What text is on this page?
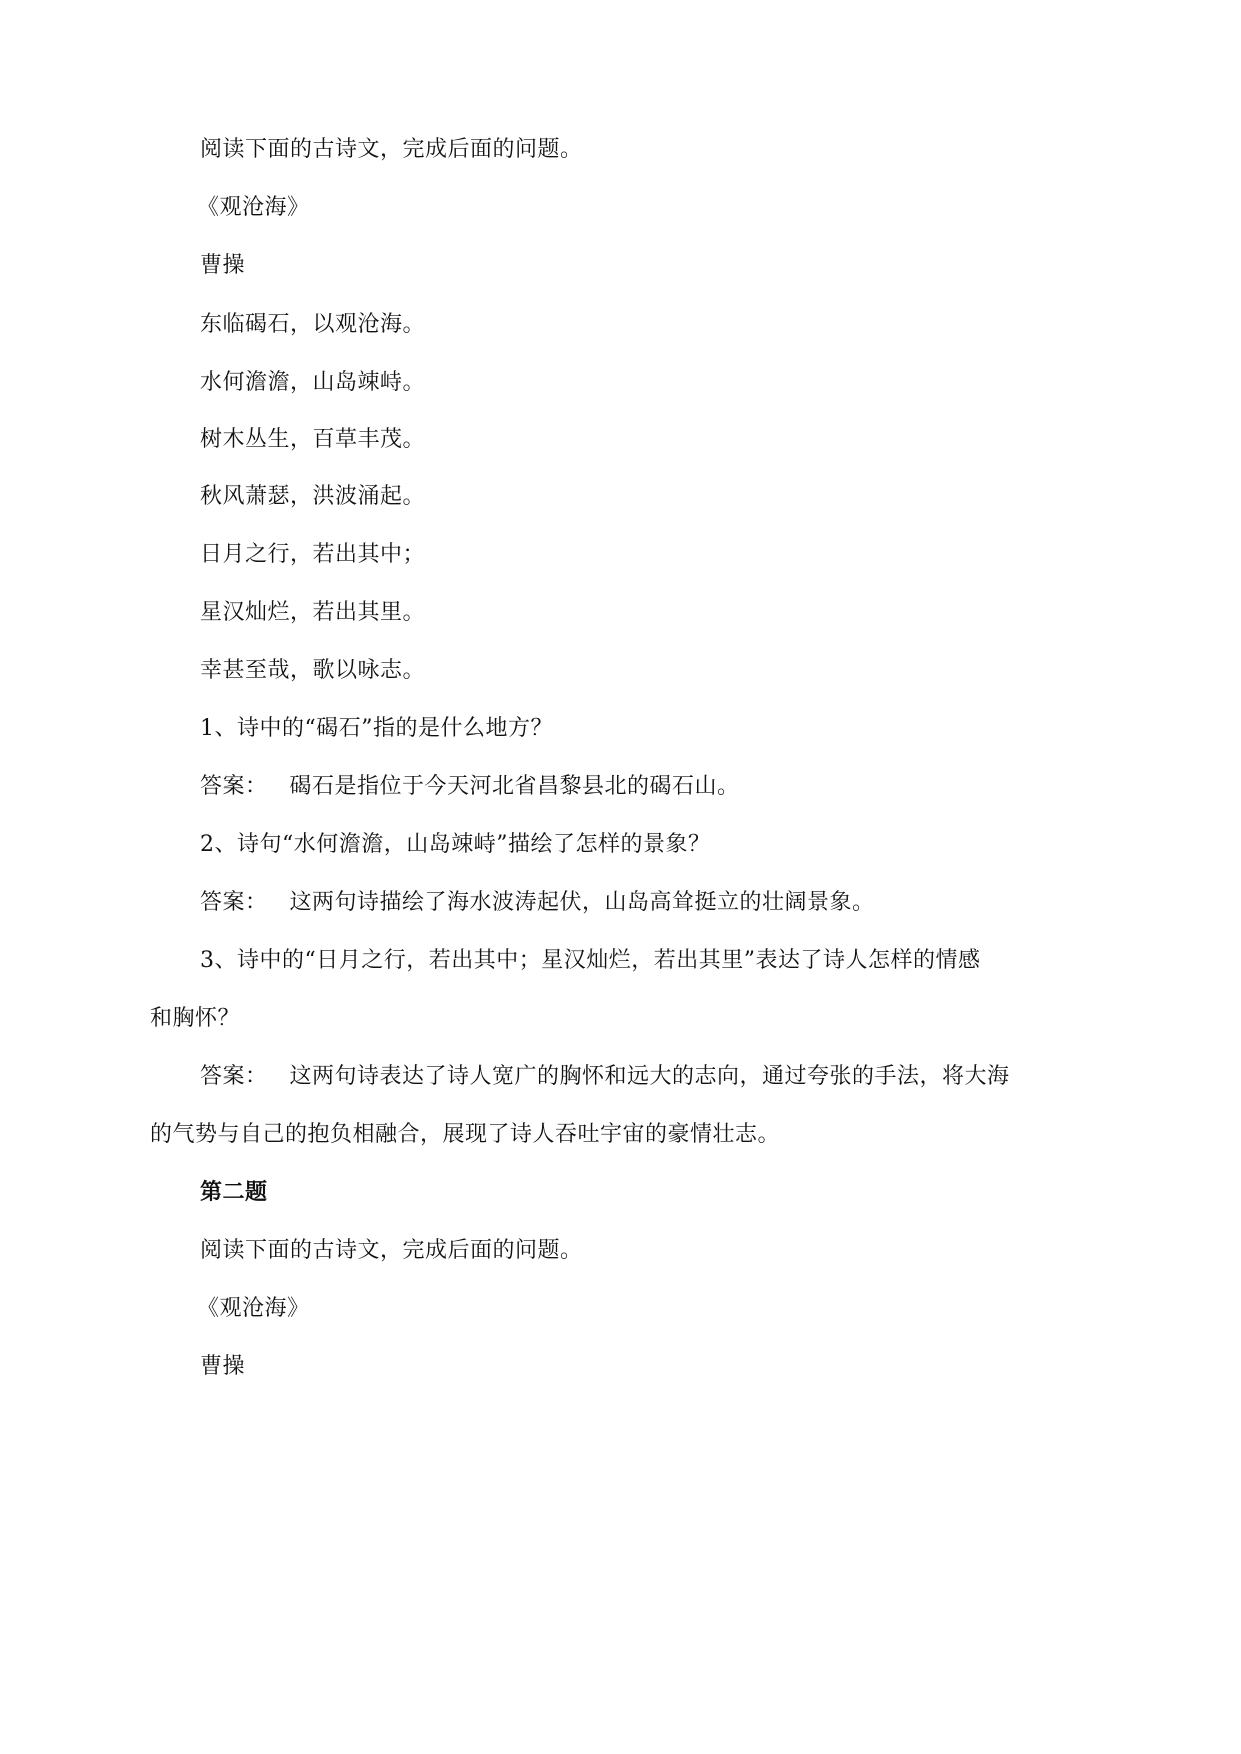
阅读下面的古诗文，完成后面的问题。
《观沧海》
曹操
东临碣石，以观沧海。
水何澹澹，山岛竦峙。
树木丛生，百草丰茂。
秋风萧瑟，洪波涌起。
日月之行，若出其中；
星汉灿烂，若出其里。
幸甚至哉，歌以咏志。
1、诗中的“碣石”指的是什么地方？
答案： 碣石是指位于今天河北省昌黎县北的碣石山。
2、诗句“水何澹澹，山岛竦峙”描绘了怎样的景象？
答案： 这两句诗描绘了海水波涛起伏，山岛高耸挺立的壮阔景象。
3、诗中的“日月之行，若出其中；星汉灿烂，若出其里”表达了诗人怎样的情感
和胸怀？
答案： 这两句诗表达了诗人宽广的胸怀和远大的志向，通过夸张的手法，将大海
的气势与自己的抱负相融合，展现了诗人吞吐宇宙的豪情壮志。
第二题
阅读下面的古诗文，完成后面的问题。
《观沧海》
曹操
